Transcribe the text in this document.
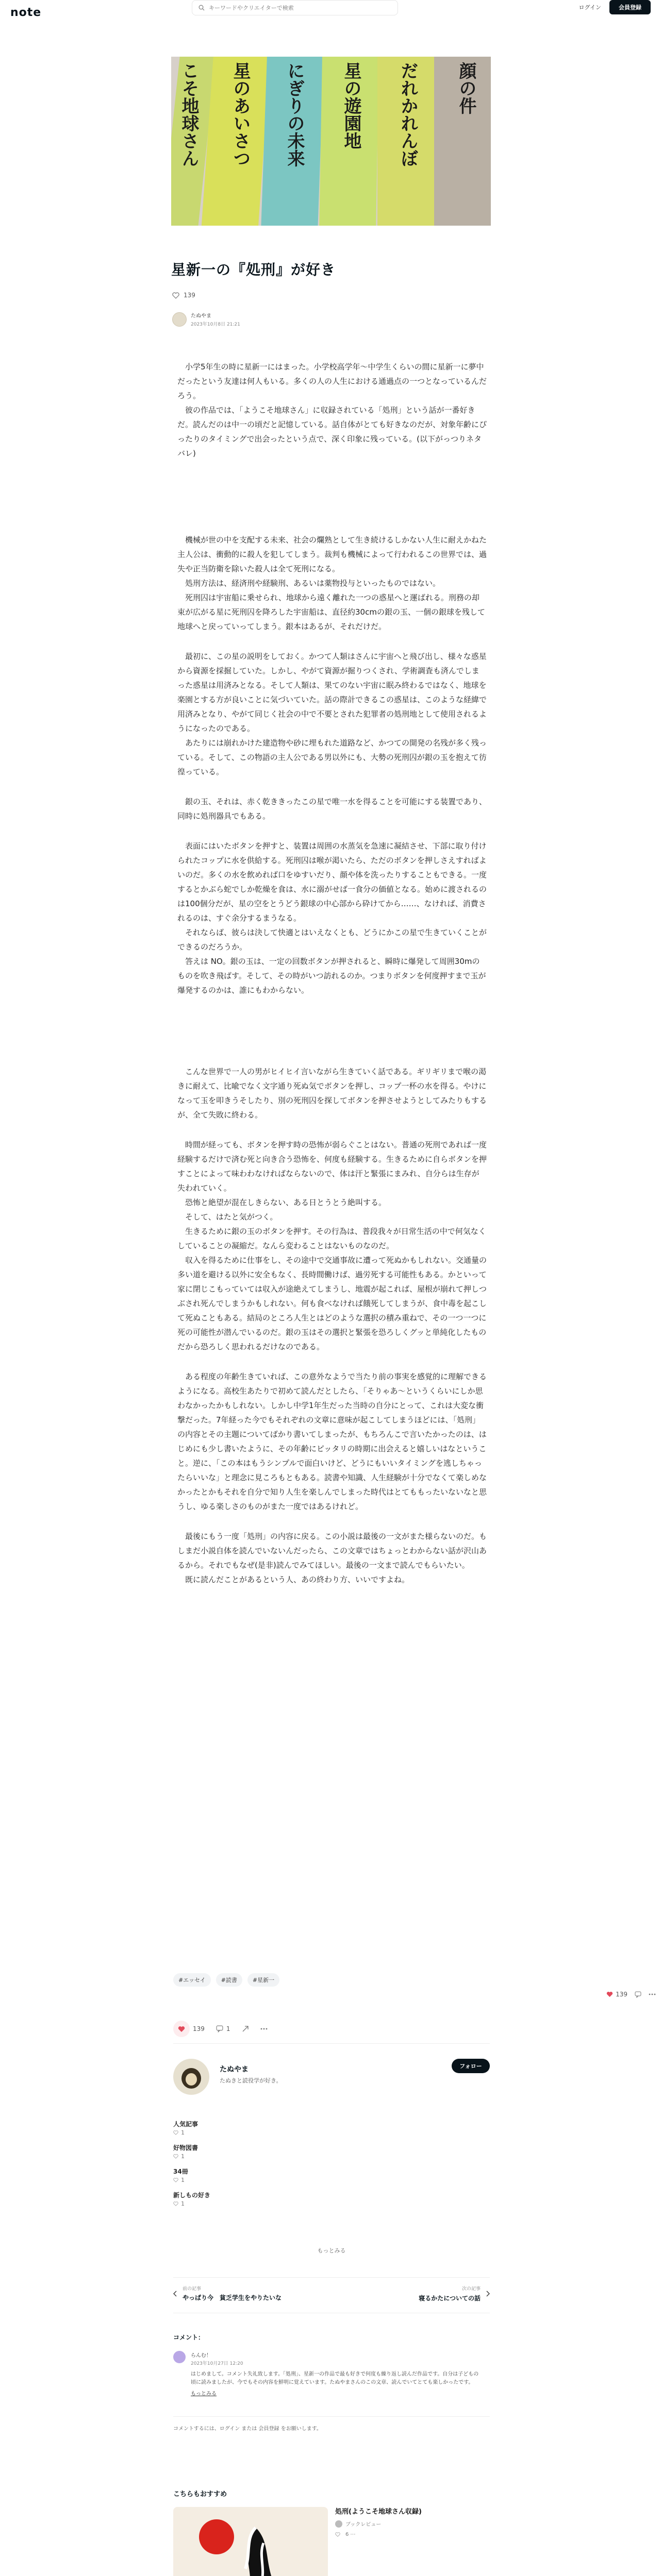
note
キーワードやクリエイターで検索	ログイン	会員登録
こそ地球さん 星のあいさつ にぎりの未来 星の遊園地 だれかれんぼ 顔の件
星新一の『処刑』が好き
139
たぬやま
2023年10月8日 21:21

　小学5年生の時に星新一にはまった。小学校高学年〜中学生くらいの間に星新一に夢中だったという友達は何人もいる。多くの人の人生における通過点の一つとなっているんだろう。

　彼の作品では、「ようこそ地球さん」に収録されている「処刑」という話が一番好きだ。読んだのは中一の頃だと記憶している。話自体がとても好きなのだが、対象年齢にぴったりのタイミングで出会ったという点で、深く印象に残っている。(以下がっつりネタバレ)

　機械が世の中を支配する未来、社会の爛熟として生き続けるしかない人生に耐えかねた主人公は、衝動的に殺人を犯してしまう。裁判も機械によって行われるこの世界では、過失や正当防衛を除いた殺人は全て死刑になる。

　処刑方法は、経済刑や経験刑、あるいは薬物投与といったものではない。

　死刑囚は宇宙船に乗せられ、地球から遠く離れた一つの惑星へと運ばれる。刑務の却束が広がる星に死刑囚を降ろした宇宙船は、直径約30cmの銀の玉、一個の銀球を残して地球へと戻っていってしまう。銀本はあるが、それだけだ。

　最初に、この星の説明をしておく。かつて人類はさんに宇宙へと飛び出し、様々な惑星から資源を採掘していた。しかし、やがて資源が掘りつくされ、学術調査も済んでしまった惑星は用済みとなる。そして人類は、果てのない宇宙に眠み終わるではなく、地球を楽園とする方が良いことに気づいていた。話の際計できるこの惑星は、このような経緯で用済みとなり、やがて同じく社会の中で不要とされた犯罪者の処刑地として使用されるようになったのである。

　あたりには崩れかけた建造物や砂に埋もれた道路など、かつての開発の名残が多く残っている。そして、この物語の主人公である男以外にも、大勢の死刑囚が銀の玉を抱えて彷徨っている。

　銀の玉、それは、赤く乾ききったこの星で唯一水を得ることを可能にする装置であり、同時に処刑器具でもある。

　表面にはいたボタンを押すと、装置は周囲の水蒸気を急速に凝結させ、下部に取り付けられたコップに水を供給する。死刑囚は喉が渇いたら、ただのボタンを押しさえすればよいのだ。多くの水を飲めれば口をゆすいだり、顔や体を洗ったりすることもできる。一度するとかぶら蛇でしか乾燥を食は、水に溺がせば一食分の価値となる。始めに渡されるのは100個分だが、星の空をとうどう銀球の中心部から砕けてから……、なければ、消費されるのは、すぐ余分するまうなる。

　それならば、彼らは決して快適とはいえなくとも、どうにかこの星で生きていくことができるのだろうか。

　答えは NO。銀の玉は、一定の回数ボタンが押されると、瞬時に爆発して周囲30mのものを吹き飛ばす。そして、その時がいつ訪れるのか。つまりボタンを何度押すまで玉が爆発するのかは、誰にもわからない。

　こんな世界で一人の男がヒイヒイ言いながら生きていく話である。ギリギリまで喉の渇きに耐えて、比喩でなく文字通り死ぬ気でボタンを押し、コップ一杯の水を得る。やけになって玉を叩きうそしたり、別の死刑囚を探してボタンを押させようとしてみたりもするが、全て失敗に終わる。

　時間が経っても、ボタンを押す時の恐怖が弱らぐことはない。普通の死刑であれば一度経験するだけで済む死と向き合う恐怖を、何度も経験する。生きるために自らボタンを押すことによって味わわなければならないので、体は汗と緊張にまみれ、自分らは生存が失われていく。

　恐怖と絶望が混在しきらない、ある日とうとう絶叫する。

　そして、はたと気がつく。

　生きるために銀の玉のボタンを押す。その行為は、普段我々が日常生活の中で何気なくしていることの凝縮だ。なんら変わることはないものなのだ。

　収入を得るために仕事をし、その途中で交通事故に遭って死ぬかもしれない。交通量の多い道を避ける以外に安全もなく、長時間働けば、過労死する可能性もある。かといって家に閉じこもっていては収入が途絶えてしまうし、地震が起これば、屋根が崩れて押しつぶされ死んでしまうかもしれない。何も食べなければ餓死してしまうが、食中毒を起こして死ぬこともある。結局のところ人生とはどのような選択の積み重ねで、その一つ一つに死の可能性が潜んでいるのだ。銀の玉はその選択と緊張を恐ろしくグッと単純化したものだから恐ろしく思われるだけなのである。

　ある程度の年齢生きていれば、この意外なようで当たり前の事実を感覚的に理解できるようになる。高校生あたりで初めて読んだとしたら、「そりゃあ〜というくらいにしか思わなかったかもしれない。しかし中学1年生だった当時の自分にとって、これは大変な衝撃だった。7年経った今でもそれぞれの文章に意味が起こしてしまうほどには、「処刑」の内容とその主題についてばかり書いてしまったが、もちろんこで言いたかったのは、はじめにも少し書いたように、その年齢にピッタリの時期に出会えると嬉しいはなということ。逆に、「この本はもうシンプルで面白いけど、どうにもいいタイミングを逃しちゃったらいいな」と理念に見ころもともある。読書や知識、人生経験が十分でなくて楽しめなかったとかもそれを自分で知り人生を楽しんでしまった時代はとてももったいないなと思うし、ゆる楽しさのものがまた一度ではあるけれど。

　最後にもう一度「処刑」の内容に戻る。この小説は最後の一文がまた様らないのだ。もしまだ小説自体を読んでいないんだったら、この文章ではちょっとわからない話が沢山あるから。それでもなぜ(是非)読んでみてほしい。最後の一文まで読んでもらいたい。

　既に読んだことがあるという人、あの終わり方、いいですよね。

#エッセイ	#読書	#星新一
139
139	1
たぬやま
たぬきと読役学が好き。
フォロー
人気記事
1
好物図書
1
34冊
1
新しもの好き
1
もっとみる
前の記事
やっぱり今　貧乏学生をやりたいな
次の記事
寝るかたについての話
コメント：
らんむ！
2023年10月27日 12:20
はじめまして。コメント失礼致します。「処刑」、星新一の作品で最も好きで何度も繰り返し読んだ作品です。自分は子どもの頃に読みましたが、今でもその内容を鮮明に覚えています。たぬやまさんのこの文章、読んでいてとても楽しかったです。
もっとみる
コメントするには、ログイン または 会員登録 をお願いします。
こちらもおすすめ
処刑(ようこそ地球さん収録)
ブックレビュー
6 ⋯
